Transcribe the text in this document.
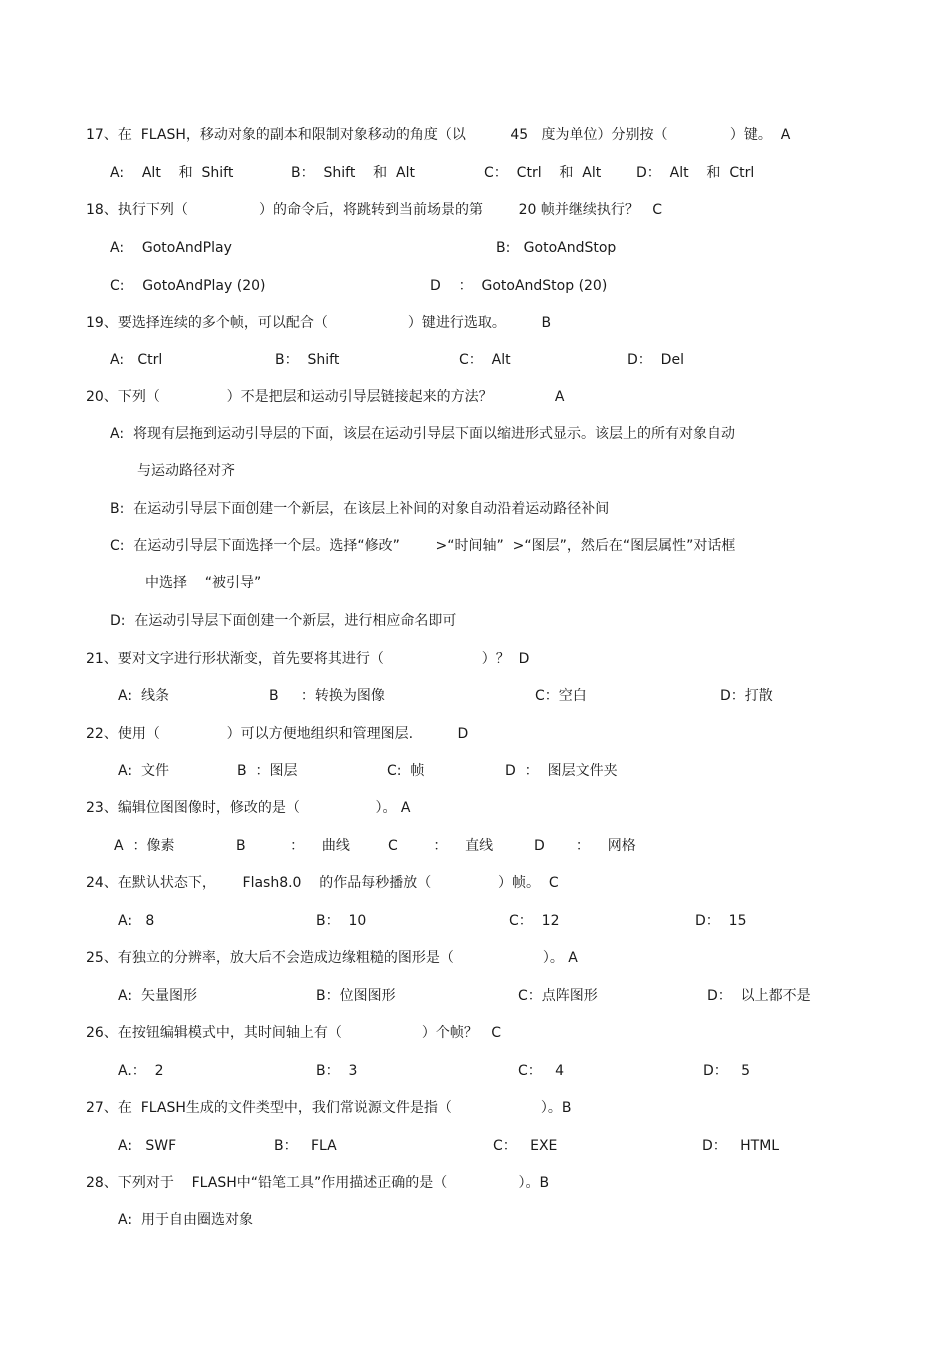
17、在  FLASH，移动对象的副本和限制对象移动的角度（以          45   度为单位）分别按（              ）键。  A
A:    Alt    和  Shift	B：  Shift    和  Alt	C：  Ctrl    和  Alt D：  Alt    和  Ctrl
18、执行下列（                ）的命令后，将跳转到当前场景的第        20 帧并继续执行？   C
A:    GotoAndPlay	B:   GotoAndStop
C:    GotoAndPlay (20)	D    ：  GotoAndStop (20)
19、要选择连续的多个帧，可以配合（                  ）键进行选取。        B
A:   Ctrl	B：  Shift	C：  Alt	D：  Del
20、下列（               ）不是把层和运动引导层链接起来的方法？              A
A:  将现有层拖到运动引导层的下面，该层在运动引导层下面以缩进形式显示。该层上的所有对象自动
与运动路径对齐
B:  在运动引导层下面创建一个新层，在该层上补间的对象自动沿着运动路径补间
C:  在运动引导层下面选择一个层。选择“修改”        >“时间轴”  >“图层”，然后在“图层属性”对话框
中选择    “被引导”
D:  在运动引导层下面创建一个新层，进行相应命名即可
21、要对文字进行形状渐变，首先要将其进行（                      ）？  D
A:  线条	B     ：转换为图像	C：空白	D：打散
22、使用（               ）可以方便地组织和管理图层.          D
A:  文件	B  ：图层	C:  帧	D  ：  图层文件夹
23、编辑位图图像时，修改的是（                 ）。 A
A  ：像素	B          ：    曲线	C        ：    直线	D       ：    网格
24、在默认状态下，      Flash8.0    的作品每秒播放（               ）帧。  C
A:   8	B：  10	C：  12	D：  15
25、有独立的分辨率，放大后不会造成边缘粗糙的图形是（                    ）。 A
A:  矢量图形	B：位图图形	C：点阵图形	D：  以上都不是
26、在按钮编辑模式中，其时间轴上有（                  ）个帧？   C
A.：  2	B：  3	C：   4	D：   5
27、在  FLASH生成的文件类型中，我们常说源文件是指（                    ）。B
A:   SWF	B：   FLA	C：   EXE	D：   HTML
28、下列对于    FLASH中“铅笔工具”作用描述正确的是（                ）。B
A:  用于自由圈选对象
